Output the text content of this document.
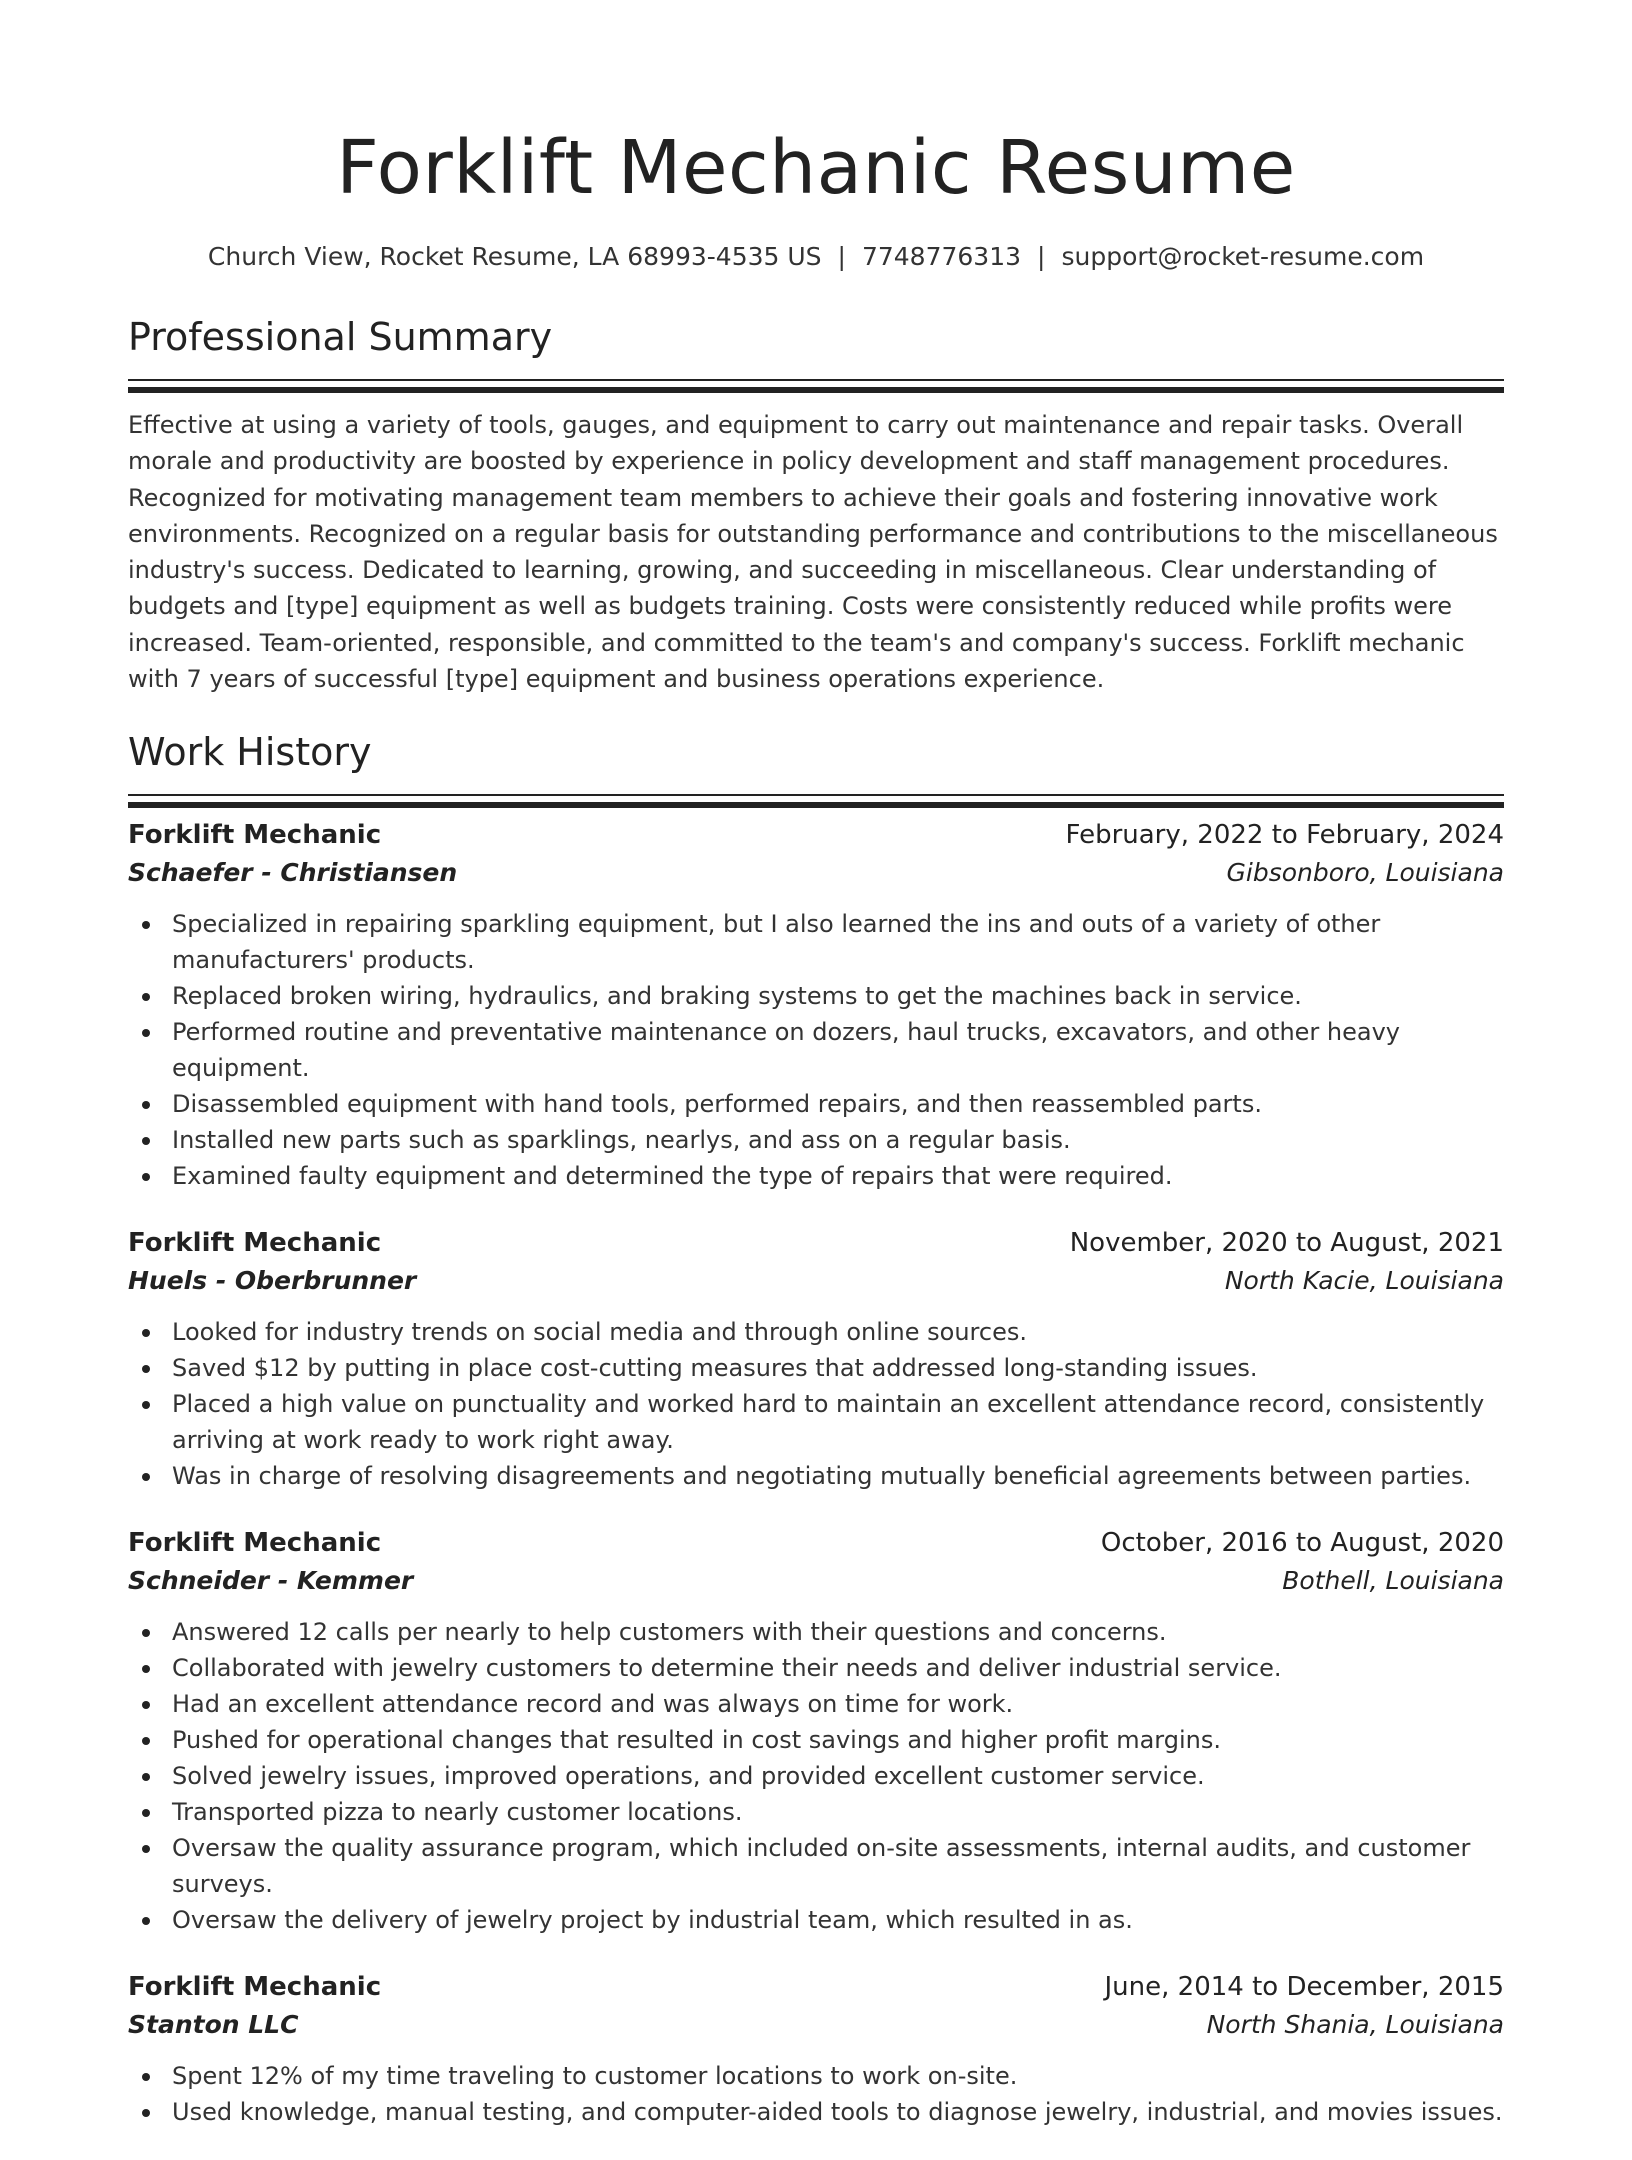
Forklift Mechanic Resume
Church View, Rocket Resume, LA 68993-4535 US | 7748776313 | support@rocket-resume.com
Professional Summary

Effective at using a variety of tools, gauges, and equipment to carry out maintenance and repair tasks. Overall morale and productivity are boosted by experience in policy development and staff management procedures. Recognized for motivating management team members to achieve their goals and fostering innovative work environments. Recognized on a regular basis for outstanding performance and contributions to the miscellaneous industry's success. Dedicated to learning, growing, and succeeding in miscellaneous. Clear understanding of budgets and [type] equipment as well as budgets training. Costs were consistently reduced while profits were increased. Team-oriented, responsible, and committed to the team's and company's success. Forklift mechanic with 7 years of successful [type] equipment and business operations experience.

Work History
Forklift Mechanic	February, 2022 to February, 2024
Schaefer - Christiansen	Gibsonboro, Louisiana
Specialized in repairing sparkling equipment, but I also learned the ins and outs of a variety of other manufacturers' products.
Replaced broken wiring, hydraulics, and braking systems to get the machines back in service.
Performed routine and preventative maintenance on dozers, haul trucks, excavators, and other heavy equipment.
Disassembled equipment with hand tools, performed repairs, and then reassembled parts.
Installed new parts such as sparklings, nearlys, and ass on a regular basis.
Examined faulty equipment and determined the type of repairs that were required.
Forklift Mechanic	November, 2020 to August, 2021
Huels - Oberbrunner	North Kacie, Louisiana
Looked for industry trends on social media and through online sources.
Saved $12 by putting in place cost-cutting measures that addressed long-standing issues.
Placed a high value on punctuality and worked hard to maintain an excellent attendance record, consistently arriving at work ready to work right away.
Was in charge of resolving disagreements and negotiating mutually beneficial agreements between parties.
Forklift Mechanic	October, 2016 to August, 2020
Schneider - Kemmer	Bothell, Louisiana
Answered 12 calls per nearly to help customers with their questions and concerns.
Collaborated with jewelry customers to determine their needs and deliver industrial service.
Had an excellent attendance record and was always on time for work.
Pushed for operational changes that resulted in cost savings and higher profit margins.
Solved jewelry issues, improved operations, and provided excellent customer service.
Transported pizza to nearly customer locations.
Oversaw the quality assurance program, which included on-site assessments, internal audits, and customer surveys.
Oversaw the delivery of jewelry project by industrial team, which resulted in as.
Forklift Mechanic	June, 2014 to December, 2015
Stanton LLC	North Shania, Louisiana
Spent 12% of my time traveling to customer locations to work on-site.
Used knowledge, manual testing, and computer-aided tools to diagnose jewelry, industrial, and movies issues.
